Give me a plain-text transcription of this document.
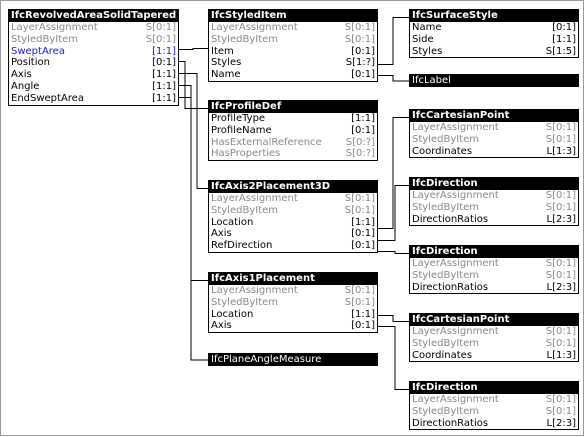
IfcRevolvedAreaSolidTapered
LayerAssignment	S[0:1]
StyledByItem	S[0:1]
SweptArea	[1:1]
Position	[0:1]
Axis	[1:1]
Angle	[1:1]
EndSweptArea	[1:1]
IfcStyledItem
LayerAssignment	S[0:1]
StyledByItem	S[0:1]
Item	[0:1]
Styles	S[1:?]
Name	[0:1]
IfcSurfaceStyle
Name	[0:1]
Side	[1:1]
Styles	S[1:5]
IfcLabel
IfcProfileDef
ProfileType	[1:1]
ProfileName	[0:1]
HasExternalReference S[0:?]
HasProperties	S[0:?]
IfcCartesianPoint
LayerAssignment	S[0:1]
StyledByItem	S[0:1]
Coordinates	L[1:3]
IfcAxis2Placement3D
LayerAssignment	S[0:1]
StyledByItem	S[0:1]
Location	[1:1]
Axis	[0:1]
RefDirection	[0:1]
IfcDirection
LayerAssignment	S[0:1]
StyledByItem	S[0:1]
DirectionRatios	L[2:3]
IfcDirection
LayerAssignment	S[0:1]
StyledByItem	S[0:1]
DirectionRatios	L[2:3]
IfcAxis1Placement
LayerAssignment	S[0:1]
StyledByItem	S[0:1]
Location	[1:1]
Axis	[0:1]
IfcCartesianPoint
LayerAssignment	S[0:1]
StyledByItem	S[0:1]
Coordinates	L[1:3]
IfcPlaneAngleMeasure
IfcDirection
LayerAssignment	S[0:1]
StyledByItem	S[0:1]
DirectionRatios	L[2:3]
